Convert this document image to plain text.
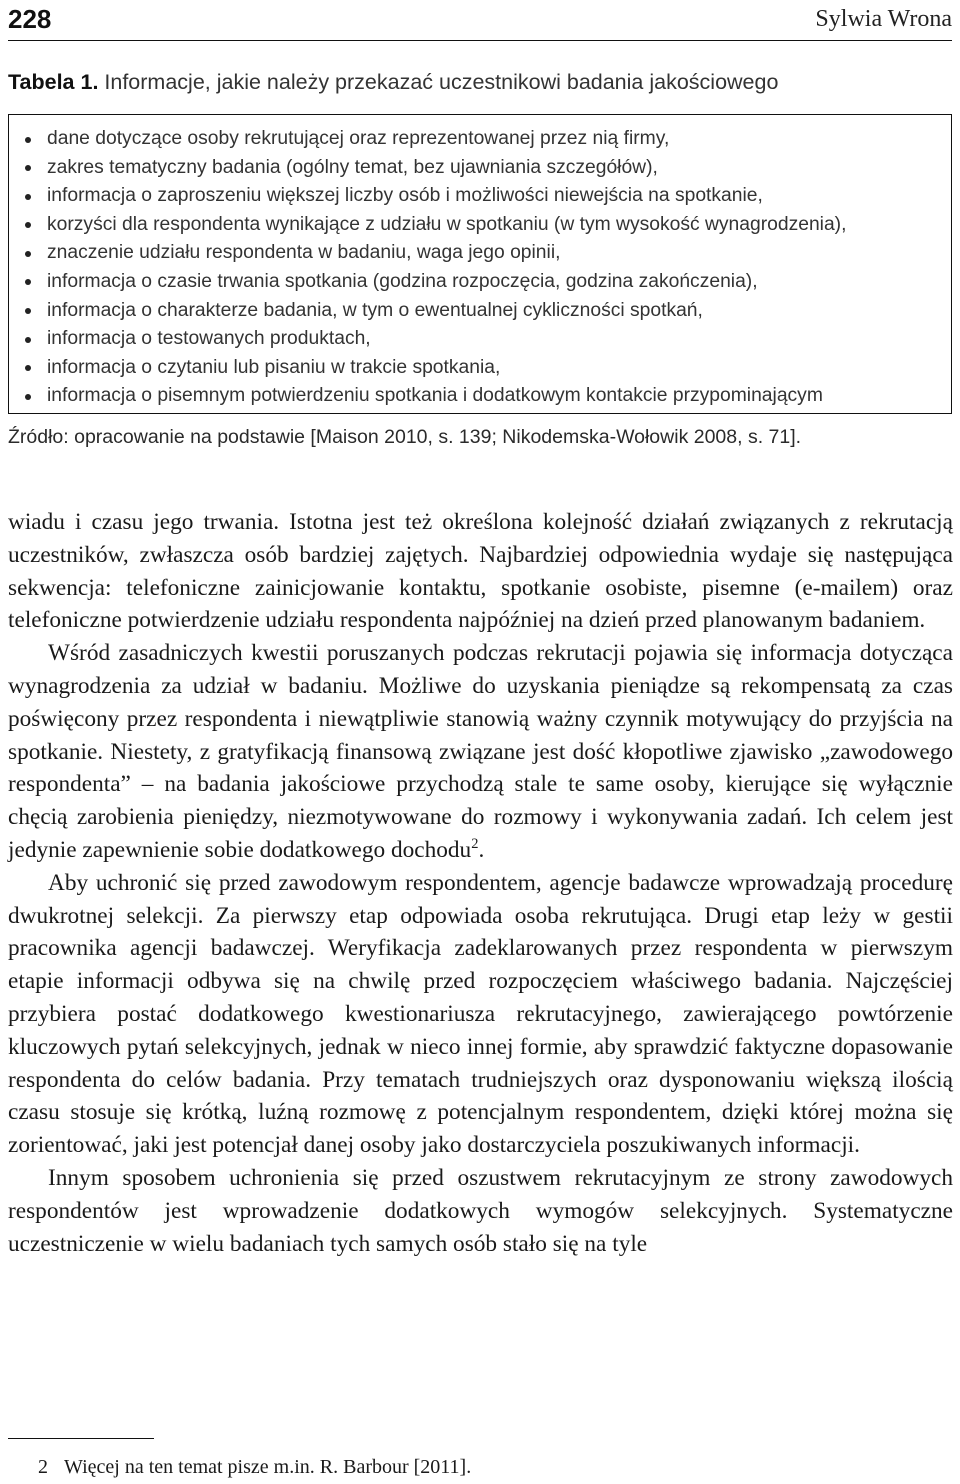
228	Sylwia Wrona
Tabela 1. Informacje, jakie należy przekazać uczestnikowi badania jakościowego
dane dotyczące osoby rekrutującej oraz reprezentowanej przez nią firmy,
zakres tematyczny badania (ogólny temat, bez ujawniania szczegółów),
informacja o zaproszeniu większej liczby osób i możliwości niewejścia na spotkanie,
korzyści dla respondenta wynikające z udziału w spotkaniu (w tym wysokość wynagrodzenia),
znaczenie udziału respondenta w badaniu, waga jego opinii,
informacja o czasie trwania spotkania (godzina rozpoczęcia, godzina zakończenia),
informacja o charakterze badania, w tym o ewentualnej cykliczności spotkań,
informacja o testowanych produktach,
informacja o czytaniu lub pisaniu w trakcie spotkania,
informacja o pisemnym potwierdzeniu spotkania i dodatkowym kontakcie przypominającym
Źródło: opracowanie na podstawie [Maison 2010, s. 139; Nikodemska-Wołowik 2008, s. 71].

wiadu i czasu jego trwania. Istotna jest też określona kolejność działań związanych z rekrutacją uczestników, zwłaszcza osób bardziej zajętych. Najbardziej odpowiednia wydaje się następująca sekwencja: telefoniczne zainicjowanie kontaktu, spotkanie osobiste, pisemne (e-mailem) oraz telefoniczne potwierdzenie udziału respondenta najpóźniej na dzień przed planowanym badaniem.

Wśród zasadniczych kwestii poruszanych podczas rekrutacji pojawia się informacja dotycząca wynagrodzenia za udział w badaniu. Możliwe do uzyskania pieniądze są rekompensatą za czas poświęcony przez respondenta i niewątpliwie stanowią ważny czynnik motywujący do przyjścia na spotkanie. Niestety, z gratyfikacją finansową związane jest dość kłopotliwe zjawisko „zawodowego respondenta” – na badania jakościowe przychodzą stale te same osoby, kierujące się wyłącznie chęcią zarobienia pieniędzy, niezmotywowane do rozmowy i wykonywania zadań. Ich celem jest jedynie zapewnienie sobie dodatkowego dochodu$^2$.

Aby uchronić się przed zawodowym respondentem, agencje badawcze wprowadzają procedurę dwukrotnej selekcji. Za pierwszy etap odpowiada osoba rekrutująca. Drugi etap leży w gestii pracownika agencji badawczej. Weryfikacja zadeklarowanych przez respondenta w pierwszym etapie informacji odbywa się na chwilę przed rozpoczęciem właściwego badania. Najczęściej przybiera postać dodatkowego kwestionariusza rekrutacyjnego, zawierającego powtórzenie kluczowych pytań selekcyjnych, jednak w nieco innej formie, aby sprawdzić faktyczne dopasowanie respondenta do celów badania. Przy tematach trudniejszych oraz dysponowaniu większą ilością czasu stosuje się krótką, luźną rozmowę z potencjalnym respondentem, dzięki której można się zorientować, jaki jest potencjał danej osoby jako dostarczyciela poszukiwanych informacji.

Innym sposobem uchronienia się przed oszustwem rekrutacyjnym ze strony zawodowych respondentów jest wprowadzenie dodatkowych wymogów selekcyjnych. Systematyczne uczestniczenie w wielu badaniach tych samych osób stało się na tyle

2 Więcej na ten temat pisze m.in. R. Barbour [2011].
